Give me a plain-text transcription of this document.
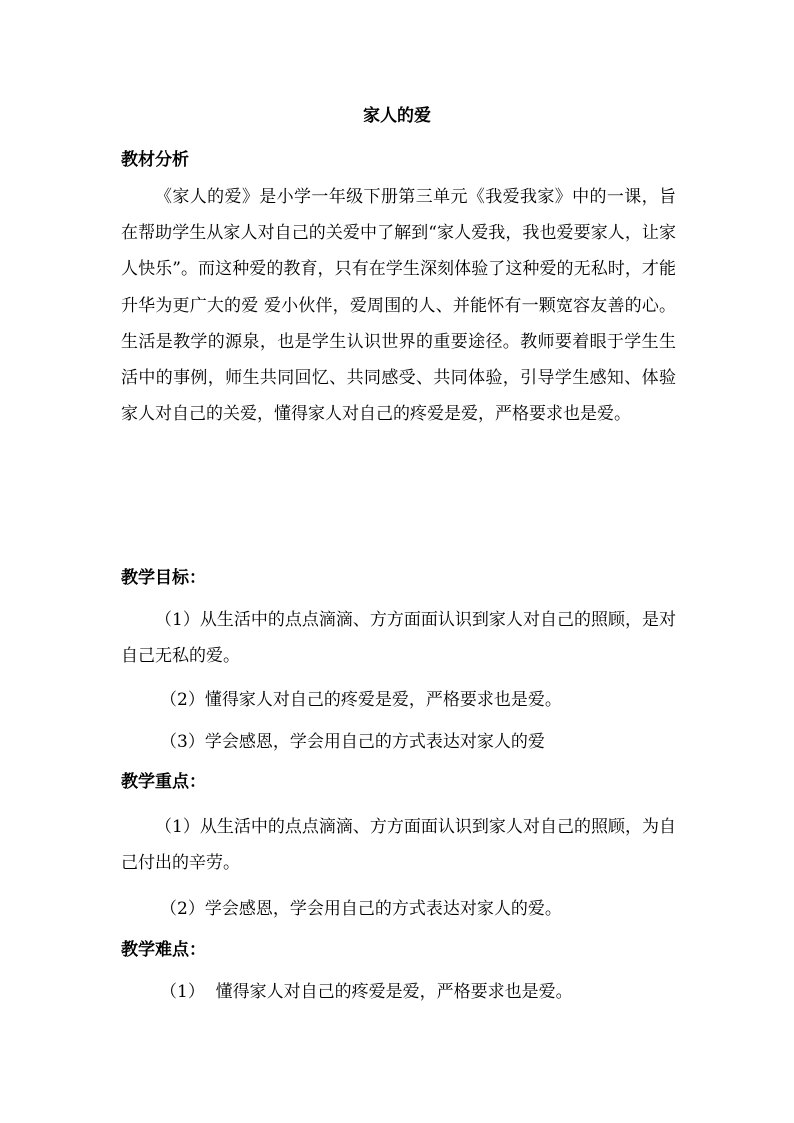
家人的爱
教材分析

《家人的爱》是小学一年级下册第三单元《我爱我家》中的一课，旨在帮助学生从家人对自己的关爱中了解到“家人爱我，我也爱要家人，让家人快乐”。而这种爱的教育，只有在学生深刻体验了这种爱的无私时，才能升华为更广大的爱 爱小伙伴，爱周围的人、并能怀有一颗宽容友善的心。生活是教学的源泉，也是学生认识世界的重要途径。教师要着眼于学生生活中的事例，师生共同回忆、共同感受、共同体验，引导学生感知、体验家人对自己的关爱，懂得家人对自己的疼爱是爱，严格要求也是爱。

教学目标：

（1）从生活中的点点滴滴、方方面面认识到家人对自己的照顾，是对自己无私的爱。

（2）懂得家人对自己的疼爱是爱，严格要求也是爱。
（3）学会感恩，学会用自己的方式表达对家人的爱
教学重点：

（1）从生活中的点点滴滴、方方面面认识到家人对自己的照顾，为自己付出的辛劳。

（2）学会感恩，学会用自己的方式表达对家人的爱。
教学难点：
（1）  懂得家人对自己的疼爱是爱，严格要求也是爱。
